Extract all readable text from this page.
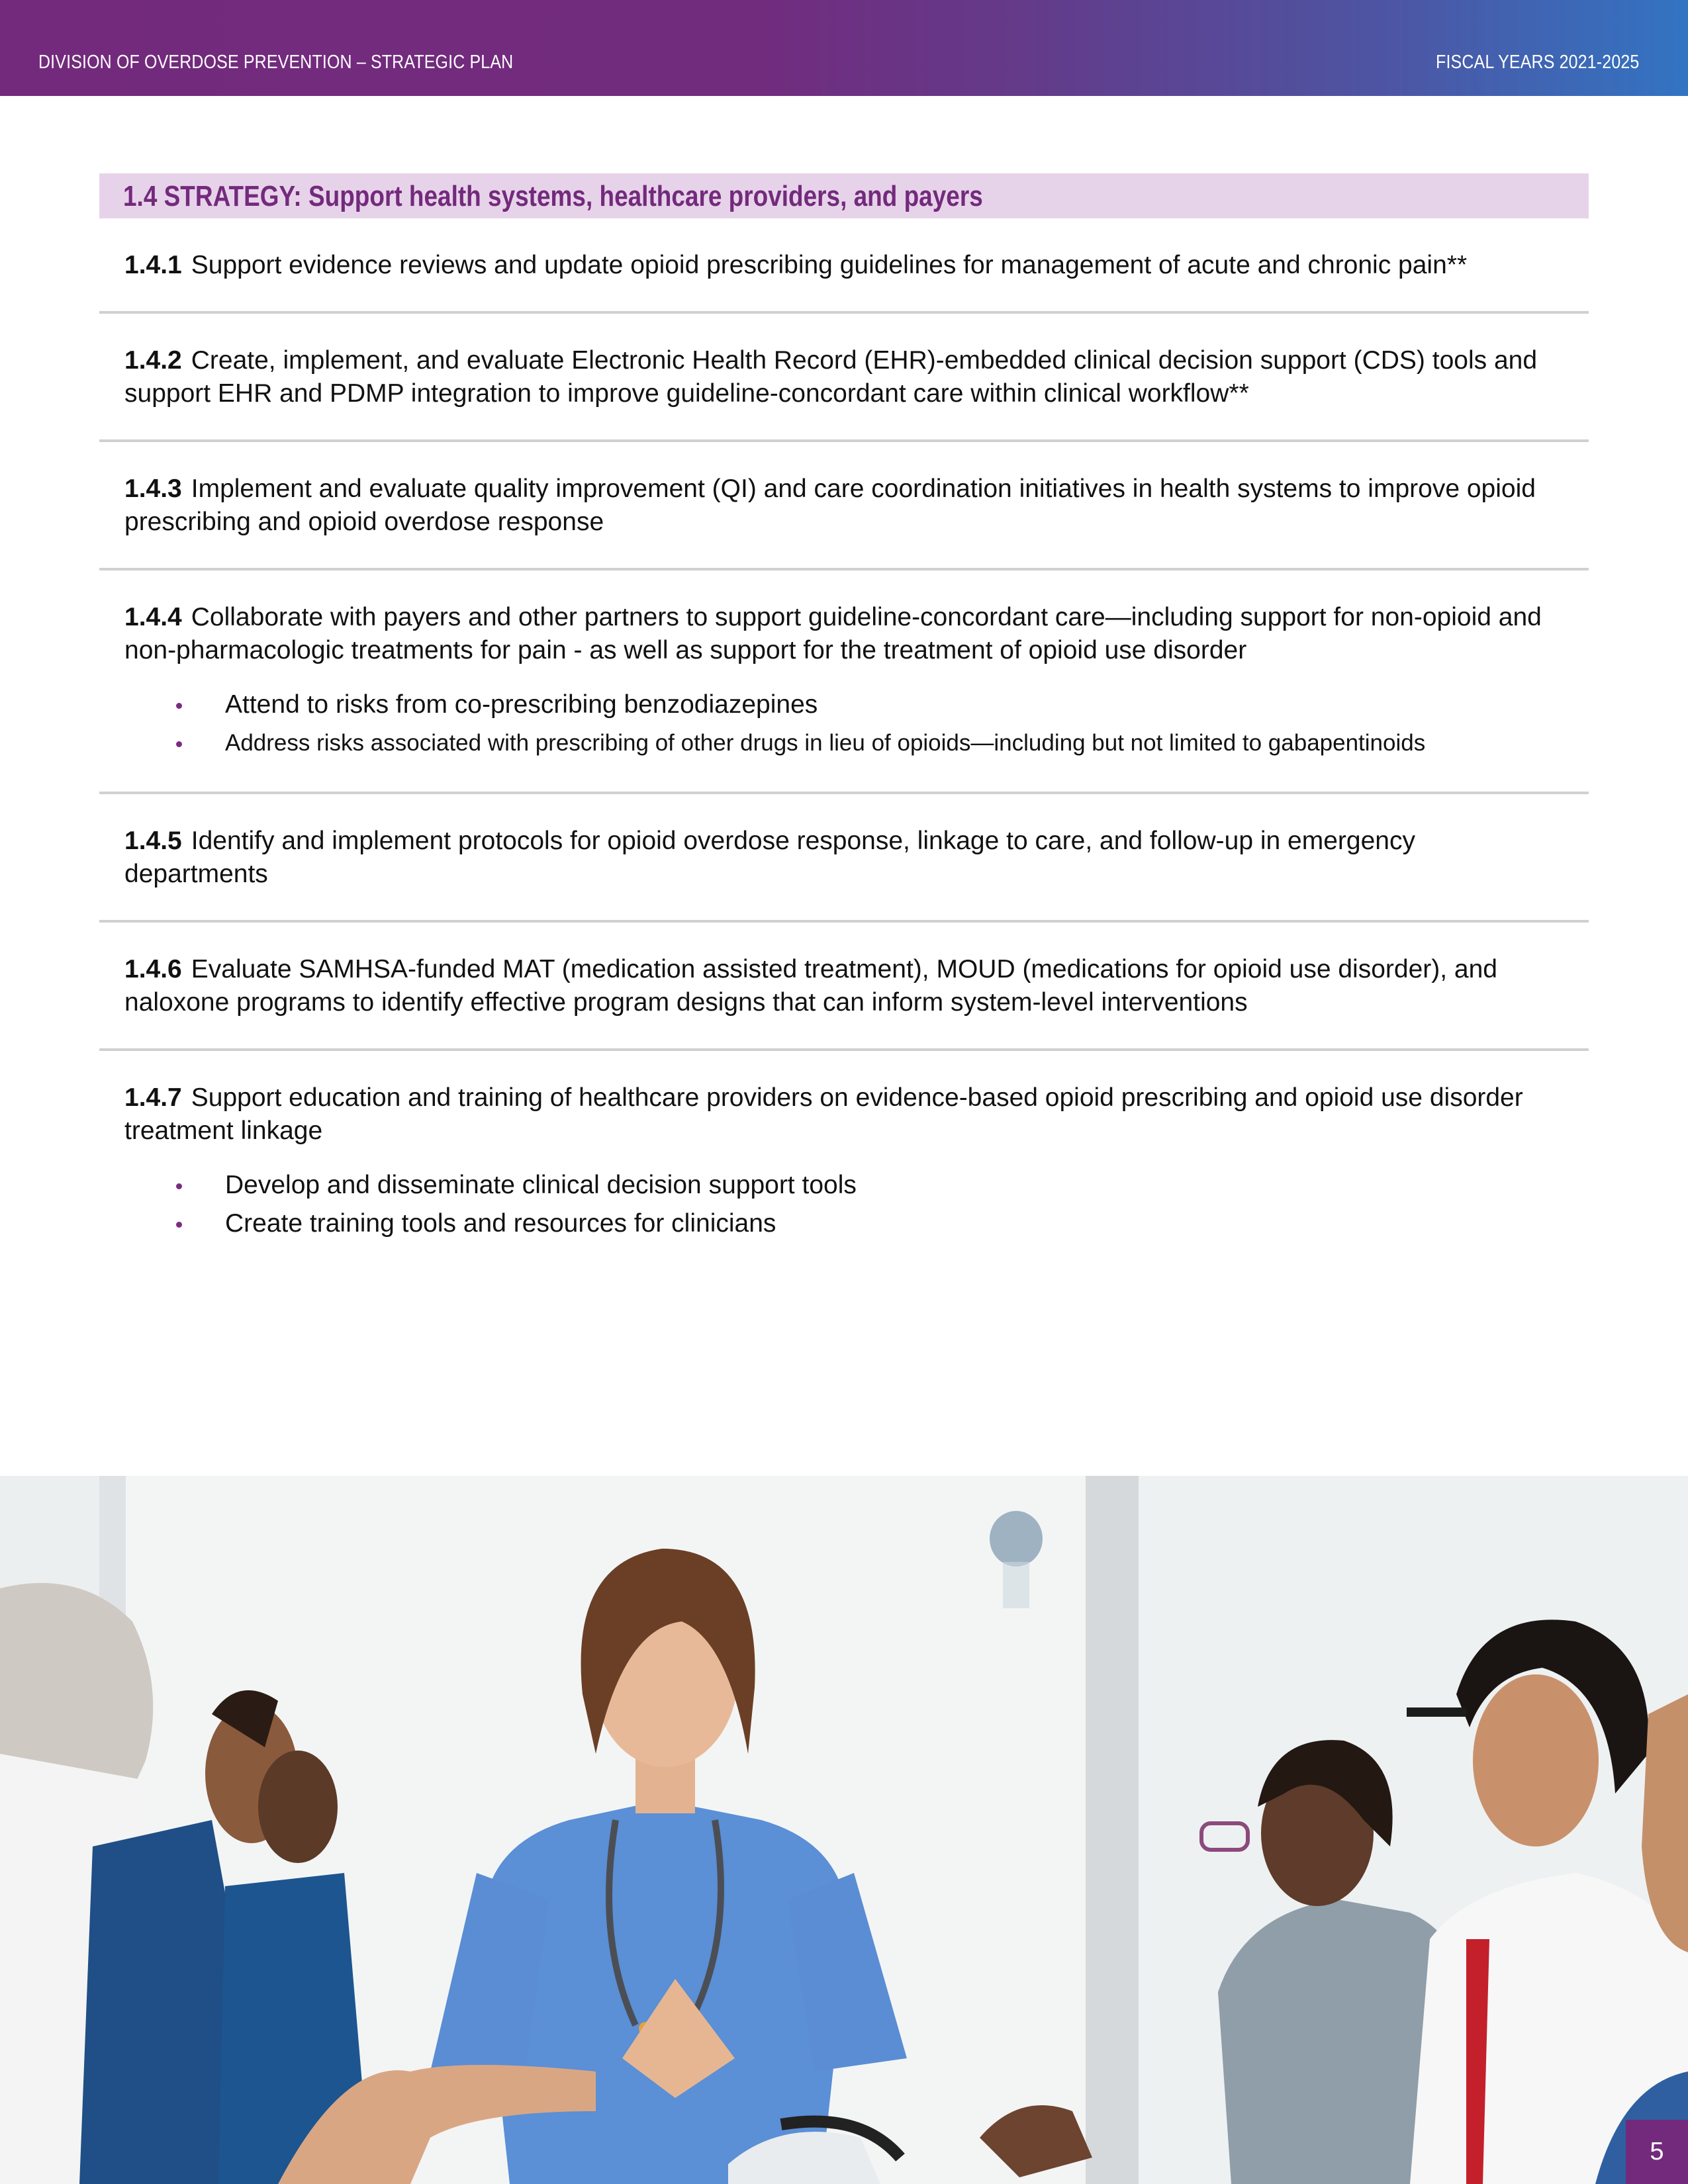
DIVISION OF OVERDOSE PREVENTION – STRATEGIC PLAN	FISCAL YEARS 2021-2025
1.4 STRATEGY: Support health systems, healthcare providers, and payers
1.4.1 Support evidence reviews and update opioid prescribing guidelines for management of acute and chronic pain**
1.4.2 Create, implement, and evaluate Electronic Health Record (EHR)-embedded clinical decision support (CDS) tools and support EHR and PDMP integration to improve guideline-concordant care within clinical workflow**
1.4.3 Implement and evaluate quality improvement (QI) and care coordination initiatives in health systems to improve opioid prescribing and opioid overdose response
1.4.4 Collaborate with payers and other partners to support guideline-concordant care—including support for non-opioid and non-pharmacologic treatments for pain - as well as support for the treatment of opioid use disorder
Attend to risks from co-prescribing benzodiazepines
Address risks associated with prescribing of other drugs in lieu of opioids—including but not limited to gabapentinoids
1.4.5 Identify and implement protocols for opioid overdose response, linkage to care, and follow-up in emergency departments
1.4.6 Evaluate SAMHSA-funded MAT (medication assisted treatment), MOUD (medications for opioid use disorder), and naloxone programs to identify effective program designs that can inform system-level interventions
1.4.7 Support education and training of healthcare providers on evidence-based opioid prescribing and opioid use disorder treatment linkage
Develop and disseminate clinical decision support tools
Create training tools and resources for clinicians
5
